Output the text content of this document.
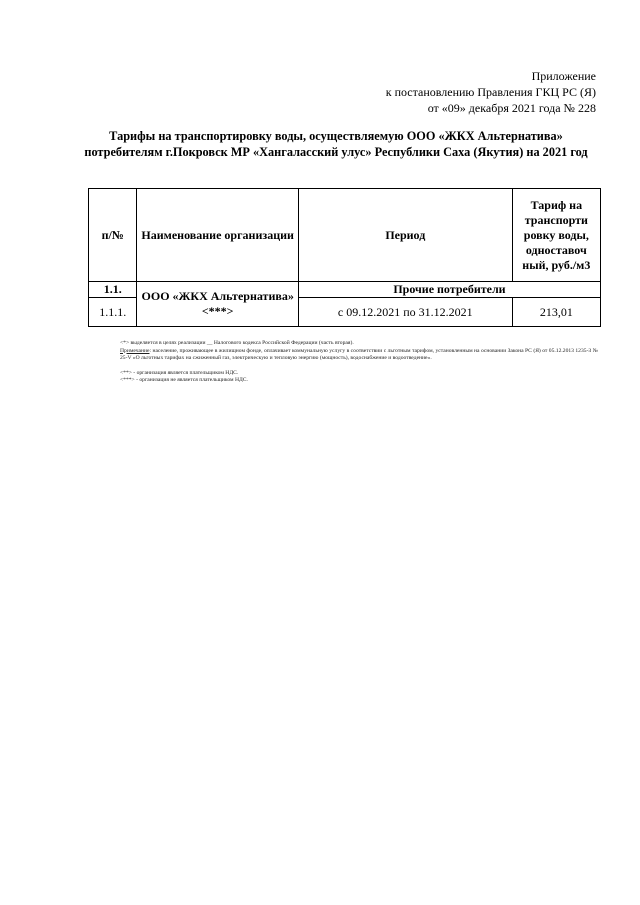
Приложение
к постановлению Правления ГКЦ РС (Я)
от «09» декабря 2021 года № 228
Тарифы на транспортировку воды, осуществляемую ООО «ЖКХ Альтернатива» потребителям г.Покровск МР «Хангаласский улус» Республики Саха (Якутия) на 2021 год
п/№	Наименование организации	Период	Тариф на транспорти ровку воды, одноставоч ный, руб./м3
1.1.	ООО «ЖКХ Альтернатива» <***>	Прочие потребители	
1.1.1.		с 09.12.2021 по 31.12.2021	213,01

<*> выделяется в целях реализации __ Налогового кодекса Российской Федерации (часть вторая).

Примечание: население, проживающее в жилищном фонде, оплачивает коммунальную услугу в соответствии с льготным тарифом, установленным на основании Закона РС (Я) от 05.12.2013 1235-З № 25-V «О льготных тарифах на сжиженный газ, электрическую и тепловую энергию (мощность), водоснабжение и водоотведение».

<**> - организация является плательщиком НДС.

<***> - организация не является плательщиком НДС.
